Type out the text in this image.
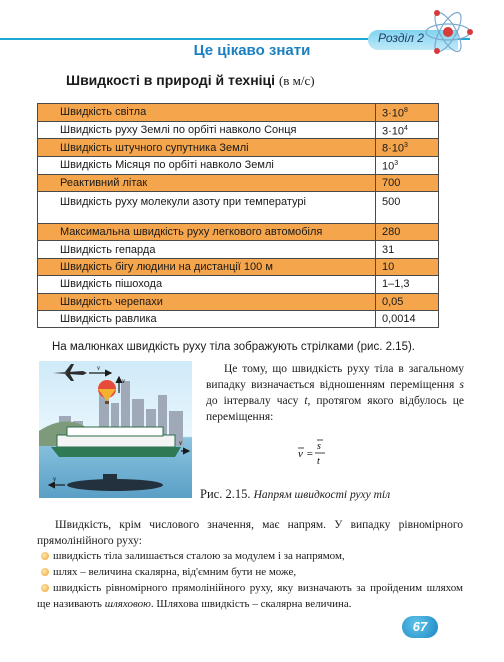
Розділ 2
Це цікаво знати
Швидкості в природі й техніці (в м/с)
Швидкість світла	$3\cdot 10^8$
Швидкість руху Землі по орбіті навколо Сонця	$3\cdot 10^4$
Швидкість штучного супутника Землі	$8\cdot 10^3$
Швидкість Місяця по орбіті навколо Землі	$10^3$
Реактивний літак	700
Швидкість руху молекули азоту при температурі	500
Максимальна швидкість руху легкового автомобіля	280
Швидкість гепарда	31
Швидкість бігу людини на дистанції 100 м	10
Швидкість пішохода	1–1,3
Швидкість черепахи	0,05
Швидкість равлика	0,0014
На малюнках швидкість руху тіла зображують стрілками (рис. 2.15).
v
v
v
v
Це тому, що швидкість руху тіла в загальному випадку визначається відношенням переміщення s до інтервалу часу t, протягом якого відбулось це переміщення:
v =
s
t
Рис. 2.15. Напрям швидкості руху тіл
Швидкість, крім числового значення, має напрям. У випадку рівномірного прямолінійного руху:
швидкість тіла залишається сталою за модулем і за напрямом,
шлях – величина скалярна, від'ємним бути не може,
швидкість рівномірного прямолінійного руху, яку визначають за пройденим шляхом ще називають шляховою. Шляхова швидкість – скалярна величина.
67
